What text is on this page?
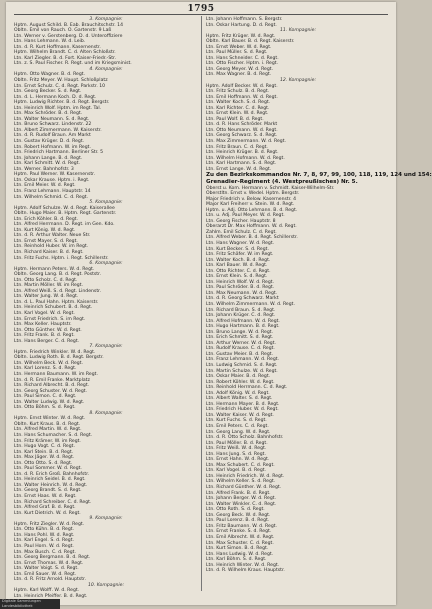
1795
3. Kompagnie:
Hptm. August Schild. B. Eab. Brauchitschstr. 14
Obltn. Emil von Rauch. O. Gartenstr. 9 Laß
Ltn. Werner v. Gerstenberg. D. d. Unteroffiziere
Ltn. Hans Lehmann. W. d. Leib.
Ltn. d. R. Kurt Hoffmann. Kasernenstr.
Hptm. Wilhelm Brandt. C. d. Alten Schloßstr.
Ltn. Karl Ziegler. B. d. Fort. Kaiser-Friedr.-Str.
Ltn. z. S. Paul Fischer. R. Regt. und im Kriegsminist.
4. Kompagnie:
Hptm. Otto Wagner. B. d. Regt.
Obltn. Fritz Meyer. W. Haupt. Schloßplatz
Ltn. Ernst Schulz. C. d. Regt. Parkstr. 10
Ltn. Georg Becker. S. d. Regt.
Ltn. d. L. Hermann Koch. D. d. Regt.
Hptm. Ludwig Richter. B. d. Regt. Bergstr.
Ltn. Heinrich Wolf. Hptm. im Regt. Tal.
Ltn. Max Schröder. B. d. Regt.
Ltn. Walter Neumann. S. d. Regt.
Ltn. Bruno Schwarz. Lindenstr. 22
Ltn. Albert Zimmermann. W. Kaiserstr.
Ltn. d. R. Rudolf Braun. Am Markt
Ltn. Gustav Krüger. D. d. Regt.
Ltn. Robert Hofmann. W. im Regt.
Ltn. Friedrich Hartmann. Berliner Str. 5
Ltn. Johann Lange. B. d. Regt.
Ltn. Karl Schmitt. W. d. Regt.
Ltn. Werner. Bahnhofstr. 3
Hptm. Paul Werner. W. Kasernenstr.
Ltn. Oskar Krause. Hptm. i. Regt.
Ltn. Emil Meier. W. d. Regt.
Ltn. Franz Lehmann. Hauptstr. 14
Ltn. Wilhelm Schmid. C. d. Regt.
5. Kompagnie:
Hptm. Adolf Schulze. W. d. Regt. Kaiserallee
Obltn. Hugo Maier. B. Hptm. Regt. Gartenstr.
Ltn. Erich Köhler. B. d. Regt.
Ltn. Alfred Herrmann. D. Regt. im Gen. Kdo.
Ltn. Kurt König. W. d. Regt.
Ltn. d. R. Arthur Walter. Neue Str.
Ltn. Ernst Mayer. S. d. Regt.
Ltn. Reinhold Huber. W. im Regt.
Ltn. Richard Kaiser. B. d. Regt.
Ltn. Fritz Fuchs. Hptm. i. Regt. Schillerstr.
6. Kompagnie:
Hptm. Hermann Peters. W. d. Regt.
Obltn. Georg Lang. B. d. Regt. Poststr.
Ltn. Otto Scholz. C. d. Regt.
Ltn. Martin Möller. W. im Regt.
Ltn. Alfred Weiß. S. d. Regt. Lindenstr.
Ltn. Walter Jung. W. d. Regt.
Ltn. d. L. Paul Hahn. Hptm. Kaiserstr.
Ltn. Heinrich Schubert. B. d. Regt.
Ltn. Karl Vogel. W. d. Regt.
Ltn. Ernst Friedrich. S. im Regt.
Ltn. Max Keller. Hauptstr.
Ltn. Otto Günther. W. d. Regt.
Ltn. Fritz Frank. B. d. Regt.
Ltn. Hans Berger. C. d. Regt.
7. Kompagnie:
Hptm. Friedrich Winkler. W. d. Regt.
Obltn. Ludwig Roth. B. d. Regt. Bergstr.
Ltn. Wilhelm Beck. W. d. Regt.
Ltn. Karl Lorenz. S. d. Regt.
Ltn. Hermann Baumann. W. im Regt.
Ltn. d. R. Emil Franke. Marktplatz
Ltn. Richard Albrecht. B. d. Regt.
Ltn. Georg Schuster. W. d. Regt.
Ltn. Paul Simon. C. d. Regt.
Ltn. Walter Ludwig. W. d. Regt.
Ltn. Otto Böhm. S. d. Regt.
8. Kompagnie:
Hptm. Ernst Winter. W. d. Regt.
Obltn. Kurt Kraus. B. d. Regt.
Ltn. Alfred Martin. W. d. Regt.
Ltn. Hans Schumacher. S. d. Regt.
Ltn. Fritz Krämer. W. im Regt.
Ltn. Hugo Vogt. C. d. Regt.
Ltn. Karl Stein. B. d. Regt.
Ltn. Max Jäger. W. d. Regt.
Ltn. Otto Otto. S. d. Regt.
Ltn. Paul Sommer. W. d. Regt.
Ltn. d. R. Erich Groß. Bahnhofstr.
Ltn. Heinrich Seidel. B. d. Regt.
Ltn. Walter Heinrich. W. d. Regt.
Ltn. Georg Brandt. S. d. Regt.
Ltn. Ernst Haas. W. d. Regt.
Ltn. Richard Schreiber. C. d. Regt.
Ltn. Alfred Graf. B. d. Regt.
Ltn. Kurt Dietrich. W. d. Regt.
9. Kompagnie:
Hptm. Fritz Ziegler. W. d. Regt.
Ltn. Otto Kühn. B. d. Regt.
Ltn. Hans Pohl. W. d. Regt.
Ltn. Karl Engel. S. d. Regt.
Ltn. Paul Horn. W. d. Regt.
Ltn. Max Busch. C. d. Regt.
Ltn. Georg Bergmann. B. d. Regt.
Ltn. Ernst Thomas. W. d. Regt.
Ltn. Walter Voigt. S. d. Regt.
Ltn. Emil Sauer. W. d. Regt.
Ltn. d. R. Fritz Arnold. Hauptstr.
10. Kompagnie:
Hptm. Karl Wolff. W. d. Regt.
Ltn. Heinrich Pfeiffer. B. d. Regt.
Ltn. Johann Hoffmann. S. Bergstr.
Ltn. Oskar Hartung. D. d. Regt.
11. Kompagnie:
Hptm. Fritz Krüger. W. d. Regt.
Obltn. Karl Bauer. B. d. Regt. Kaiserstr.
Ltn. Ernst Weber. W. d. Regt.
Ltn. Paul Müller. S. d. Regt.
Ltn. Hans Schneider. C. d. Regt.
Ltn. Otto Fischer. Hptm. i. Regt.
Ltn. Georg Meyer. W. d. Regt.
Ltn. Max Wagner. B. d. Regt.
12. Kompagnie:
Hptm. Adolf Becker. W. d. Regt.
Ltn. Fritz Schulz. B. d. Regt.
Ltn. Emil Hoffmann. W. d. Regt.
Ltn. Walter Koch. S. d. Regt.
Ltn. Karl Richter. C. d. Regt.
Ltn. Ernst Klein. W. d. Regt.
Ltn. Paul Wolf. B. d. Regt.
Ltn. d. R. Hans Schröder. Markt
Ltn. Otto Neumann. W. d. Regt.
Ltn. Georg Schwarz. S. d. Regt.
Ltn. Max Zimmermann. W. d. Regt.
Ltn. Fritz Braun. C. d. Regt.
Ltn. Heinrich Krüger. B. d. Regt.
Ltn. Wilhelm Hofmann. W. d. Regt.
Ltn. Karl Hartmann. S. d. Regt.
Ltn. Ernst Lange. W. d. Regt.
Zu den Bezirkskommandos Nr. 7, 8, 97, 99, 100, 118, 119, 124 und 154:
Grenadier-Regiment (4. Westpreußisches) Nr. 5.
Oberst u. Kom. Hermann v. Schmidt. Kaiser-Wilhelm-Str.
Oberstltn. Ernst v. Wedel. Hptm. Bergstr.
Major Friedrich v. Below. Kasernenstr. 4
Major Karl Freiherr v. Stein. W. d. Regt.
Hptm. u. Adj. Otto Lehmann. B. d. Regt.
Ltn. u. Adj. Paul Meyer. W. d. Regt.
Ltn. Georg Fischer. Hauptstr. 8
Oberarzt Dr. Max Hoffmann. W. d. Regt.
Zahlm. Emil Schulz. C. d. Regt.
Ltn. Alfred Weber. B. d. Regt. Schillerstr.
Ltn. Hans Wagner. W. d. Regt.
Ltn. Kurt Becker. S. d. Regt.
Ltn. Fritz Schäfer. W. im Regt.
Ltn. Walter Koch. B. d. Regt.
Ltn. Karl Bauer. W. d. Regt.
Ltn. Otto Richter. C. d. Regt.
Ltn. Ernst Klein. S. d. Regt.
Ltn. Heinrich Wolf. W. d. Regt.
Ltn. Paul Schröder. B. d. Regt.
Ltn. Max Neumann. W. d. Regt.
Ltn. d. R. Georg Schwarz. Markt
Ltn. Wilhelm Zimmermann. W. d. Regt.
Ltn. Richard Braun. S. d. Regt.
Ltn. Johann Krüger. C. d. Regt.
Ltn. Alfred Hofmann. W. d. Regt.
Ltn. Hugo Hartmann. B. d. Regt.
Ltn. Bruno Lange. W. d. Regt.
Ltn. Erich Schmitt. S. d. Regt.
Ltn. Arthur Werner. W. d. Regt.
Ltn. Rudolf Krause. C. d. Regt.
Ltn. Gustav Meier. B. d. Regt.
Ltn. Franz Lehmann. W. d. Regt.
Ltn. Ludwig Schmid. S. d. Regt.
Ltn. Martin Schulze. W. d. Regt.
Ltn. Oskar Maier. B. d. Regt.
Ltn. Robert Köhler. W. d. Regt.
Ltn. Reinhold Herrmann. C. d. Regt.
Ltn. Adolf König. W. d. Regt.
Ltn. Albert Walter. S. d. Regt.
Ltn. Hermann Mayer. B. d. Regt.
Ltn. Friedrich Huber. W. d. Regt.
Ltn. Walter Kaiser. W. d. Regt.
Ltn. Kurt Fuchs. S. d. Regt.
Ltn. Emil Peters. C. d. Regt.
Ltn. Georg Lang. W. d. Regt.
Ltn. d. R. Otto Scholz. Bahnhofstr.
Ltn. Paul Möller. B. d. Regt.
Ltn. Fritz Weiß. W. d. Regt.
Ltn. Hans Jung. S. d. Regt.
Ltn. Ernst Hahn. W. d. Regt.
Ltn. Max Schubert. C. d. Regt.
Ltn. Karl Vogel. B. d. Regt.
Ltn. Heinrich Friedrich. W. d. Regt.
Ltn. Wilhelm Keller. S. d. Regt.
Ltn. Richard Günther. W. d. Regt.
Ltn. Alfred Frank. B. d. Regt.
Ltn. Johann Berger. W. d. Regt.
Ltn. Walter Winkler. C. d. Regt.
Ltn. Otto Roth. S. d. Regt.
Ltn. Georg Beck. W. d. Regt.
Ltn. Paul Lorenz. B. d. Regt.
Ltn. Fritz Baumann. W. d. Regt.
Ltn. Ernst Franke. S. d. Regt.
Ltn. Emil Albrecht. W. d. Regt.
Ltn. Max Schuster. C. d. Regt.
Ltn. Kurt Simon. B. d. Regt.
Ltn. Hans Ludwig. W. d. Regt.
Ltn. Karl Böhm. S. d. Regt.
Ltn. Heinrich Winter. W. d. Regt.
Ltn. d. R. Wilhelm Kraus. Hauptstr.
Digitale Sammlungen
Landesbibliothek
